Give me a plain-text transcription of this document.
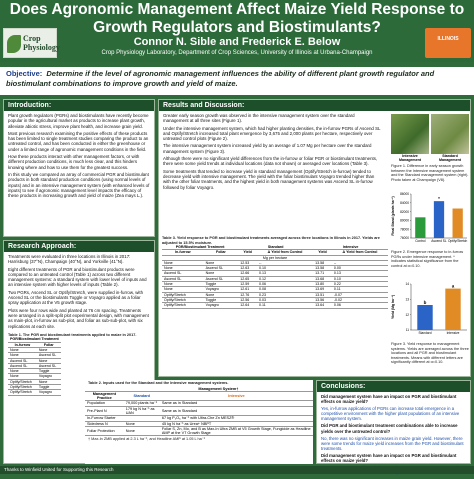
Does Agronomic Management Affect Maize Yield Response to
Growth Regulators and Biostimulants?
Connor N. Sible and Frederick E. Below
Crop Physiology Laboratory, Department of Crop Sciences, University of Illinois at Urbana-Champaign
Crop
Physiology
ILLINOIS
Objective: Determine if the level of agronomic management influences the ability of different plant growth regulator and biostimulant combinations to improve growth and yield of maize.
Introduction:

Plant growth regulators (PGRs) and biostimulants have recently become popular in the agricultural market as products to increase plant growth, alleviate abiotic stress, improve plant health, and increase grain yield.

Most previous research examining the positive effects of these products has been limited to single treatment studies comparing the product to an untreated control, and has been conducted in either the greenhouse or under a limited range of agronomic management conditions in the field.

How these products interact with other management factors, or with different production conditions, is much less clear, and this hinders knowing where and how to use them for the greatest success.

In this study we compared an array of commercial PGR and biostimulant products in both standard production conditions (using normal levels of inputs) and in an intensive management system (with enhanced levels of inputs) to see if agronomic management level impacts the efficacy of these products in increasing growth and yield of maize (Zea mays L.).

Research Approach:

Treatments were evaluated in three locations in Illinois in 2017: Harrisburg (37°N), Champaign (40°N), and Yorkville (41°N).

Eight different treatments of PGR and biostimulant products were compared to an untreated control (Table 1) across two different management systems: a standard system with lower level of inputs and an intensive system with higher levels of inputs (Table 2).

Two PGRs, Ascend SL or Optify/Stretch, were supplied in-furrow, with Ascend SL or the biostimulants Toggle or Voyagro applied as a foliar spray application at the V5 growth stage.

Plots were four rows wide and planted at 76 cm spacing. Treatments were arranged in a split-split plot experimental design, with management as main-plot, in-furrow as sub-plot, and foliar as sub-sub-plot, with six replications at each site.

Table 1. The PGR and biostimulant treatments applied to maize in 2017.
PGR/Biostimulant Treatment	
In-furrow	Foliar
None	None
None	Ascend SL
Ascend SL	None
Ascend SL	Ascend SL
None	Toggle
None	Voyagro
Optify/Stretch	None
Optify/Stretch	Toggle
Optify/Stretch	Voyagro
Table 2. Inputs used for the Standard and the Intensive management systems.
	Management System†	
Management Practice	Standard	Intensive
Population	79,000 plants ha⁻¹	Same as in Standard
Pre-Plant N	179 kg N ha⁻¹ as UAN	Same as in Standard
In-Furrow Starter		67 kg P₂O₅ ha⁻¹ with Ultra-Che Zn MESZ®
Sidedress N	None	45 kg N ha⁻¹ as Urea+ NBPT
Foliar Protection	None	Foliar S, Zn, Mo, and B as Max-In Ultra ZMB at V5 Growth Stage, Fungicide as Headline AMP at the VT Growth Stage
† Max-In ZMB applied at 2.3 L ha⁻¹, and Headline AMP at 1.05 L ha⁻¹
Results and Discussion:

Greater early season growth was observed in the intensive management system over the standard management at all three sites (Figure 1).

Under the intensive management system, which had higher planting densities, the in-furrow PGRs of Ascend SL and Optify/Stretch increased total plant emergence by 3,675 and 2,000 plants per hectare, respectively over untreated control plots (Figure 2).

The intensive management system increased yield by an average of 1.07 Mg per hectare over the standard management system (Figure 3).

Although there were no significant yield differences from the in-furrow or foliar PGR or biostimulant treatments, there were some yield trends at individual locations (data not shown) or averaged over locations (Table 3).

Some treatments that tended to increase yield in standard management (Optify/Stretch in-furrow) tended to decrease yield with intensive management. The yield with the foliar biostimulant Voyagro trended higher than with the other foliar treatments, and the highest yield in both management systems was Ascend SL in-furrow followed by foliar Voyagro.

Table 3. Yield response to PGR and biostimulant treatments averaged across three locations in Illinois in 2017. Yields are adjusted to 15.5% moisture.
PGR/Biostimulant Treatment		Standard		Intensive	
In-furrow	Foliar	Yield	Δ Yield from Control	Yield	Δ Yield from Control
Mg per hectare					
None	None	12.53	--	13.58	--
None	Ascend SL	12.63	0.10	13.58	0.00
Ascend SL	None	12.66	0.13	13.71	0.13
Ascend SL	Ascend SL	12.65	0.12	13.68	0.10
None	Toggle	12.59	0.06	13.80	0.22
None	Voyagro	12.61	0.08	13.69	0.11
Optify/Stretch	None	12.76	0.23	13.51	-0.07
Optify/Stretch	Toggle	12.56	0.03	13.56	-0.02
Optify/Stretch	Voyagro	12.64	0.11	13.64	0.06
Intensive Management
Standard Management
Figure 1. Difference in early season growth between the Intensive management system and the Standard management system (right). Photo taken at Champaign (V8).
76000
78000
80000
82000
84000
86000
Control
*
Ascend SL Optify/Stretch
Final Stand (plants ha⁻¹)
Figure 2. Emergence response to in-furrow PGRs under intensive management. * indicates statistical significance from the control at α=0.10.
11
12
13
14
b
Standard
a
Intensive
Yield (Mg ha⁻¹)
Figure 3. Yield response to management systems. Yields are averaged across the three locations and all PGR and biostimulant treatments. Means with different letters are significantly different at α=0.10.
Conclusions:

Did management system have an impact on PGR and biostimulant effects on maize yield?

Yes, in-furrow applications of PGRs can increase total emergence in a competitive environment with the higher plant populations of an intensive management system.

Did PGR and biostimulant treatment combinations able to increase yields over the untreated control?

No, there was no significant increases in maize grain yield. However, there were some trends for maize yield increases from the PGR and biostimulant treatments.

Did management system have an impact on PGR and biostimulant effects on maize yield?

Thanks to Winfield United for Supporting this Research
